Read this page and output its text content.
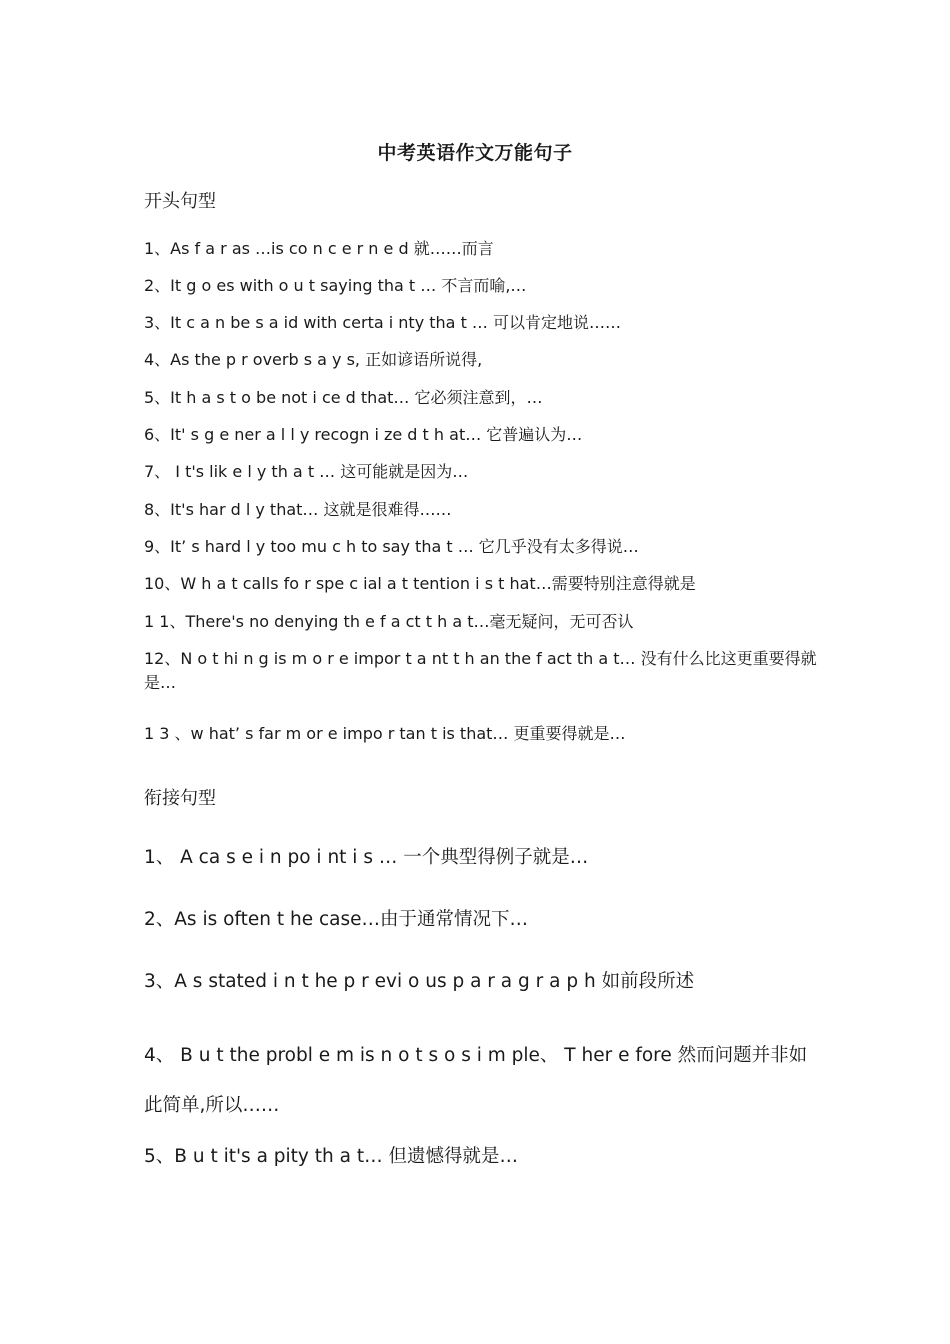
中考英语作文万能句子
开头句型
1、As f a r as …is co n c e r n e d 就……而言
2、It g o es with o u t saying tha t … 不言而喻,…
3、It c a n be s a id with certa i nty tha t … 可以肯定地说……
4、As the p r overb s a y s, 正如谚语所说得,
5、It h a s t o be not i ce d that… 它必须注意到，…
6、It' s g e ner a l l y recogn i ze d t h at… 它普遍认为…
7、 I t's lik e l y th a t … 这可能就是因为…
8、It's har d l y that… 这就是很难得……
9、It’ s hard l y too mu c h to say tha t … 它几乎没有太多得说…
10、W h a t calls fo r spe c ial a t tention i s t hat…需要特别注意得就是
1 1、There's no denying th e f a ct t h a t…毫无疑问，无可否认
12、N o t hi n g is m o r e impor t a nt t h an the f act th a t… 没有什么比这更重要得就是…
1 3 、w hat’ s far m or e impo r tan t is that… 更重要得就是…
衔接句型
1、 A ca s e i n po i nt i s … 一个典型得例子就是…
2、As is often t he case…由于通常情况下…
3、A s stated i n t he p r evi o us p a r a g r a p h 如前段所述
4、 B u t the probl e m is n o t s o s i m ple、 T her e fore 然而问题并非如此简单,所以……
5、B u t it's a pity th a t… 但遗憾得就是…
